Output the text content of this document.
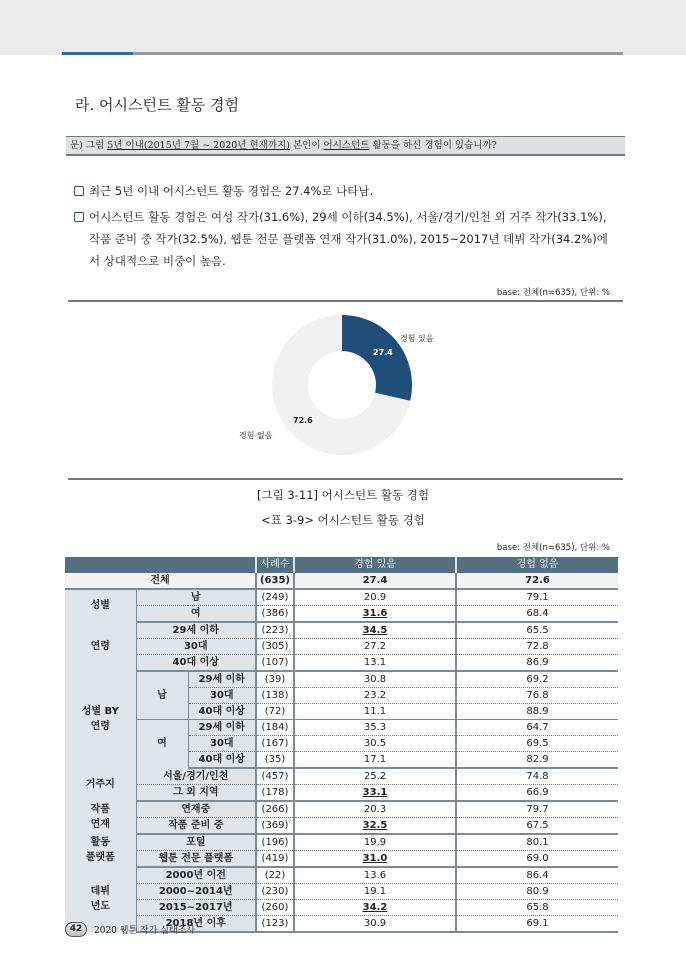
라. 어시스턴트 활동 경험
문) 그럼 5년 이내(2015년 7월 ~ 2020년 현재까지) 본인이 어시스턴트 활동을 하신 경험이 있습니까?
최근 5년 이내 어시스턴트 활동 경험은 27.4%로 나타남.
어시스턴트 활동 경험은 여성 작가(31.6%), 29세 이하(34.5%), 서울/경기/인천 외 거주 작가(33.1%), 작품 준비 중 작가(32.5%), 웹툰 전문 플랫폼 연재 작가(31.0%), 2015~2017년 데뷔 작가(34.2%)에서 상대적으로 비중이 높음.
base: 전체(n=635), 단위: %
경험 있음
27.4
72.6
경험 없음
[그림 3-11] 어시스턴트 활동 경험
<표 3-9> 어시스턴트 활동 경험
base: 전체(n=635), 단위: %
			사례수	경험 있음	경험 없음
전체			(635)	27.4	72.6
성별	남		(249)	20.9	79.1
	여		(386)	31.6	68.4
연령	29세 이하		(223)	34.5	65.5
	30대		(305)	27.2	72.8
	40대 이상		(107)	13.1	86.9
성별 BY
연령	남	29세 이하	(39)	30.8	69.2
		30대	(138)	23.2	76.8
		40대 이상	(72)	11.1	88.9
	여	29세 이하	(184)	35.3	64.7
		30대	(167)	30.5	69.5
		40대 이상	(35)	17.1	82.9
거주지	서울/경기/인천		(457)	25.2	74.8
	그 외 지역		(178)	33.1	66.9
작품
연재	연재중		(266)	20.3	79.7
	작품 준비 중		(369)	32.5	67.5
활동
플랫폼	포털		(196)	19.9	80.1
	웹툰 전문 플랫폼		(419)	31.0	69.0
데뷔
년도	2000년 이전		(22)	13.6	86.4
	2000~2014년		(230)	19.1	80.9
	2015~2017년		(260)	34.2	65.8
	2018년 이후		(123)	30.9	69.1
42	2020 웹툰 작가 실태조사
